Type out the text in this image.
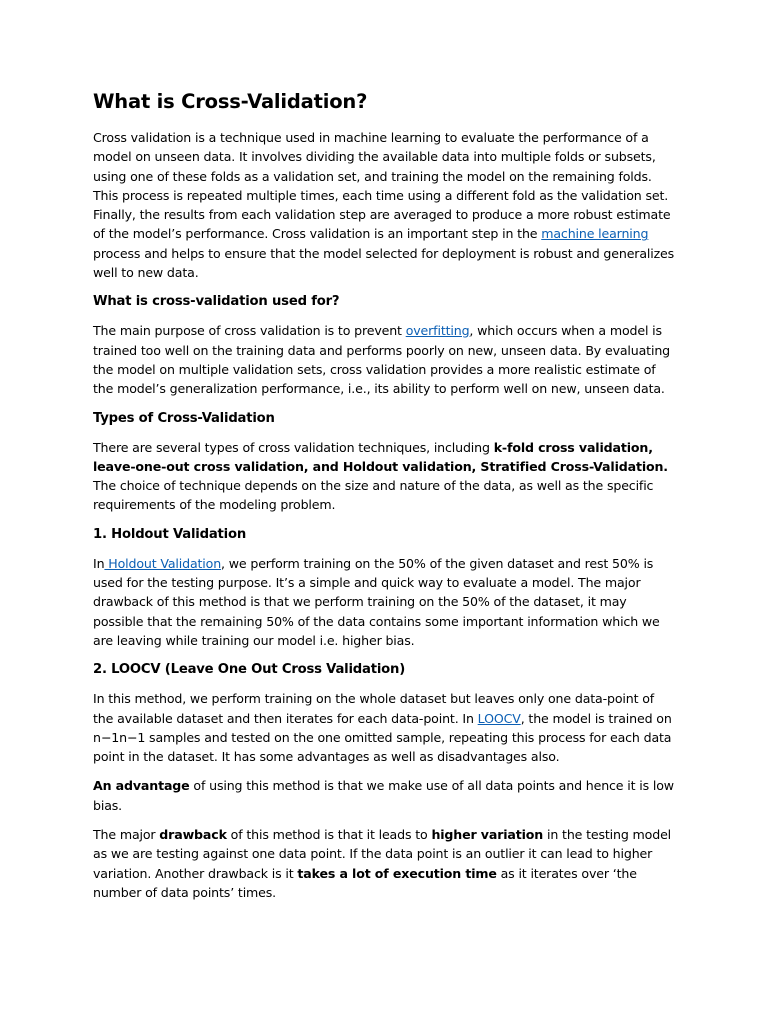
What is Cross-Validation?

Cross validation is a technique used in machine learning to evaluate the performance of a model on unseen data. It involves dividing the available data into multiple folds or subsets, using one of these folds as a validation set, and training the model on the remaining folds. This process is repeated multiple times, each time using a different fold as the validation set. Finally, the results from each validation step are averaged to produce a more robust estimate of the model’s performance. Cross validation is an important step in the machine learning process and helps to ensure that the model selected for deployment is robust and generalizes well to new data.

What is cross-validation used for?

The main purpose of cross validation is to prevent overfitting, which occurs when a model is trained too well on the training data and performs poorly on new, unseen data. By evaluating the model on multiple validation sets, cross validation provides a more realistic estimate of the model’s generalization performance, i.e., its ability to perform well on new, unseen data.

Types of Cross-Validation

There are several types of cross validation techniques, including k-fold cross validation, leave-one-out cross validation, and Holdout validation, Stratified Cross-Validation. The choice of technique depends on the size and nature of the data, as well as the specific requirements of the modeling problem.

1. Holdout Validation

In Holdout Validation, we perform training on the 50% of the given dataset and rest 50% is used for the testing purpose. It’s a simple and quick way to evaluate a model. The major drawback of this method is that we perform training on the 50% of the dataset, it may possible that the remaining 50% of the data contains some important information which we are leaving while training our model i.e. higher bias.

2. LOOCV (Leave One Out Cross Validation)

In this method, we perform training on the whole dataset but leaves only one data-point of the available dataset and then iterates for each data-point. In LOOCV, the model is trained on n−1n−1 samples and tested on the one omitted sample, repeating this process for each data point in the dataset. It has some advantages as well as disadvantages also.

An advantage of using this method is that we make use of all data points and hence it is low bias.

The major drawback of this method is that it leads to higher variation in the testing model as we are testing against one data point. If the data point is an outlier it can lead to higher variation. Another drawback is it takes a lot of execution time as it iterates over ‘the number of data points’ times.
